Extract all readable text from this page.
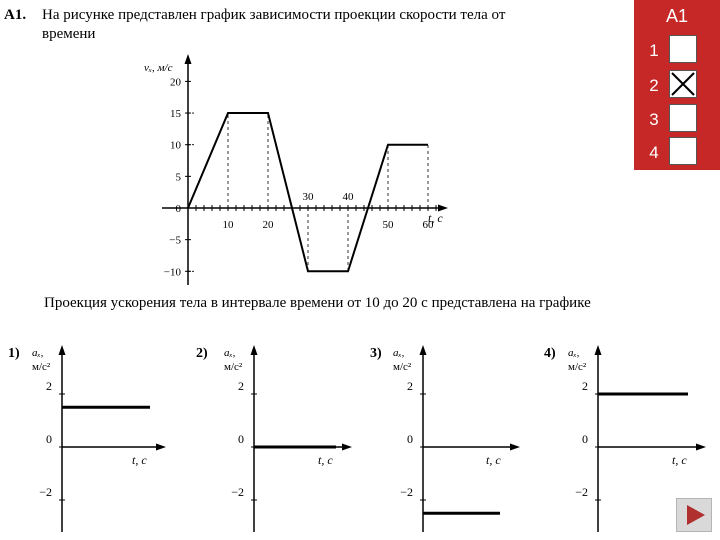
A1. На рисунке представлен график зависимости проекции скорости тела от
времени
vₓ, м/с
t, с
20
15
10
5
0
−5
−10
10	20
30	40
50	60
Проекция ускорения тела в интервале времени от 10 до 20 с представлена на графике
1) aₓ,
м/с²
t, с
2
0
−2
2) aₓ,
м/с²
t, с
2
0
−2
3) aₓ,
м/с²
t, с
2
0
−2
4) aₓ,
м/с²
t, с
2
0
−2
A1
1
2
3
4
